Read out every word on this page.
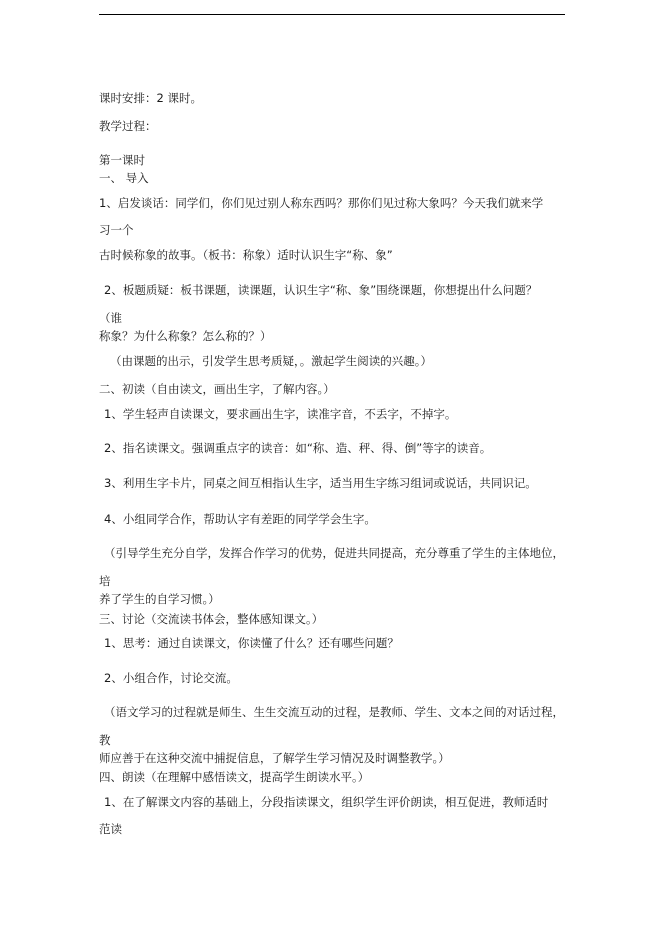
课时安排：2 课时。
教学过程：
第一课时
一、 导入
1、启发谈话：同学们，你们见过别人称东西吗？那你们见过称大象吗？今天我们就来学
习一个
古时候称象的故事。（板书：称象）适时认识生字“称、象”
2、板题质疑：板书课题，读课题，认识生字“称、象”围绕课题，你想提出什么问题？
（谁
称象？为什么称象？怎么称的？）
（由课题的出示，引发学生思考质疑，。激起学生阅读的兴趣。）
二、初读（自由读文，画出生字，了解内容。）
1、学生轻声自读课文，要求画出生字，读准字音，不丢字，不掉字。
2、指名读课文。强调重点字的读音：如“称、造、秤、得、倒”等字的读音。
3、利用生字卡片，同桌之间互相指认生字，适当用生字练习组词或说话，共同识记。
4、小组同学合作，帮助认字有差距的同学学会生字。
（引导学生充分自学，发挥合作学习的优势，促进共同提高，充分尊重了学生的主体地位，
培
养了学生的自学习惯。）
三、讨论（交流读书体会，整体感知课文。）
1、思考：通过自读课文，你读懂了什么？还有哪些问题？
2、小组合作，讨论交流。
（语文学习的过程就是师生、生生交流互动的过程，是教师、学生、文本之间的对话过程，
教
师应善于在这种交流中捕捉信息，了解学生学习情况及时调整教学。）
四、朗读（在理解中感悟读文，提高学生朗读水平。）
1、在了解课文内容的基础上，分段指读课文，组织学生评价朗读，相互促进，教师适时
范读
